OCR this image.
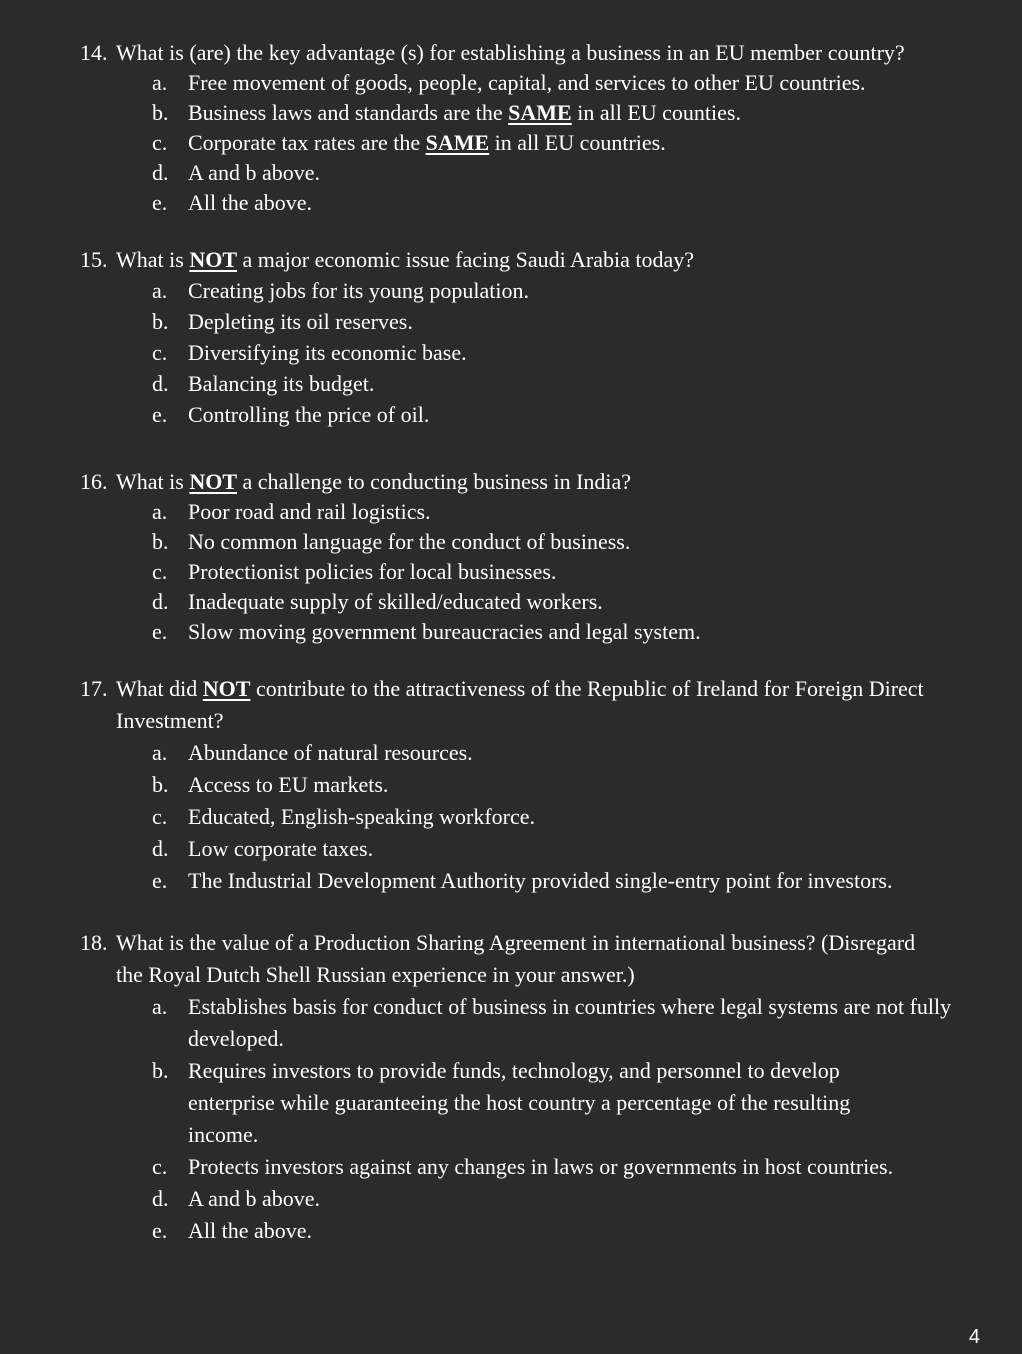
14. What is (are) the key advantage (s) for establishing a business in an EU member country?
a. Free movement of goods, people, capital, and services to other EU countries.
b. Business laws and standards are the SAME in all EU counties.
c. Corporate tax rates are the SAME in all EU countries.
d. A and b above.
e. All the above.
15. What is NOT a major economic issue facing Saudi Arabia today?
a. Creating jobs for its young population.
b. Depleting its oil reserves.
c. Diversifying its economic base.
d. Balancing its budget.
e. Controlling the price of oil.
16. What is NOT a challenge to conducting business in India?
a. Poor road and rail logistics.
b. No common language for the conduct of business.
c. Protectionist policies for local businesses.
d. Inadequate supply of skilled/educated workers.
e. Slow moving government bureaucracies and legal system.
17. What did NOT contribute to the attractiveness of the Republic of Ireland for Foreign Direct Investment?
a. Abundance of natural resources.
b. Access to EU markets.
c. Educated, English-speaking workforce.
d. Low corporate taxes.
e. The Industrial Development Authority provided single-entry point for investors.
18. What is the value of a Production Sharing Agreement in international business? (Disregard the Royal Dutch Shell Russian experience in your answer.)
a. Establishes basis for conduct of business in countries where legal systems are not fully developed.
b. Requires investors to provide funds, technology, and personnel to develop enterprise while guaranteeing the host country a percentage of the resulting income.
c. Protects investors against any changes in laws or governments in host countries.
d. A and b above.
e. All the above.
4
